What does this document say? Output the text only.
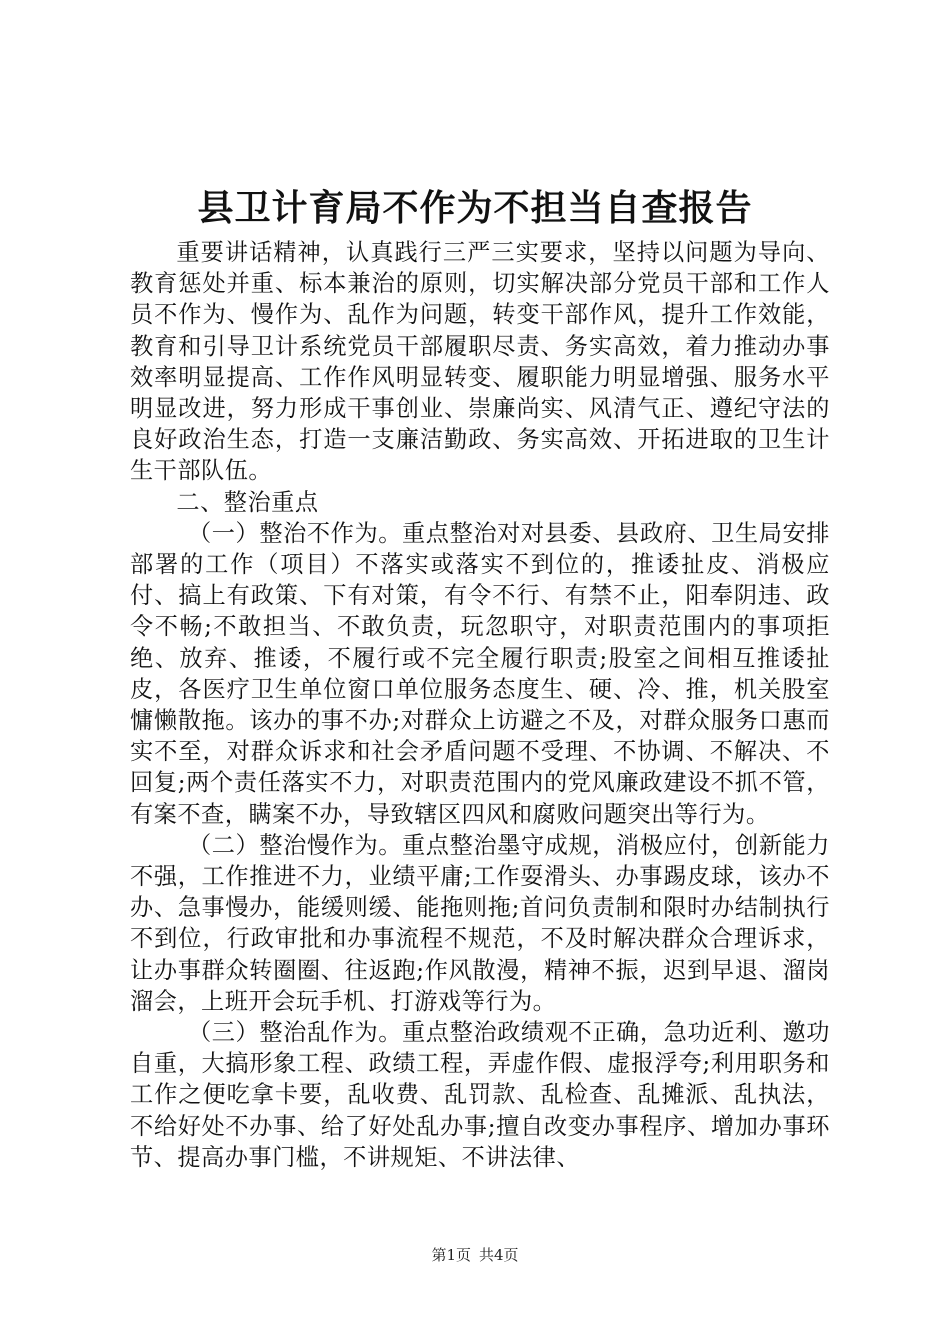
县卫计育局不作为不担当自查报告

重要讲话精神，认真践行三严三实要求，坚持以问题为导向、教育惩处并重、标本兼治的原则，切实解决部分党员干部和工作人员不作为、慢作为、乱作为问题，转变干部作风，提升工作效能，教育和引导卫计系统党员干部履职尽责、务实高效，着力推动办事效率明显提高、工作作风明显转变、履职能力明显增强、服务水平明显改进，努力形成干事创业、崇廉尚实、风清气正、遵纪守法的良好政治生态，打造一支廉洁勤政、务实高效、开拓进取的卫生计生干部队伍。

二、整治重点

（一）整治不作为。重点整治对对县委、县政府、卫生局安排部署的工作（项目）不落实或落实不到位的，推诿扯皮、消极应付、搞上有政策、下有对策，有令不行、有禁不止，阳奉阴违、政令不畅;不敢担当、不敢负责，玩忽职守，对职责范围内的事项拒绝、放弃、推诿，不履行或不完全履行职责;股室之间相互推诿扯皮，各医疗卫生单位窗口单位服务态度生、硬、冷、推，机关股室慵懒散拖。该办的事不办;对群众上访避之不及，对群众服务口惠而实不至，对群众诉求和社会矛盾问题不受理、不协调、不解决、不回复;两个责任落实不力，对职责范围内的党风廉政建设不抓不管，有案不查，瞒案不办，导致辖区四风和腐败问题突出等行为。

（二）整治慢作为。重点整治墨守成规，消极应付，创新能力不强，工作推进不力，业绩平庸;工作耍滑头、办事踢皮球，该办不办、急事慢办，能缓则缓、能拖则拖;首问负责制和限时办结制执行不到位，行政审批和办事流程不规范，不及时解决群众合理诉求，让办事群众转圈圈、往返跑;作风散漫，精神不振，迟到早退、溜岗溜会，上班开会玩手机、打游戏等行为。

（三）整治乱作为。重点整治政绩观不正确，急功近利、邀功自重，大搞形象工程、政绩工程，弄虚作假、虚报浮夸;利用职务和工作之便吃拿卡要，乱收费、乱罚款、乱检查、乱摊派、乱执法，不给好处不办事、给了好处乱办事;擅自改变办事程序、增加办事环节、提高办事门槛，不讲规矩、不讲法律、

第1页 共4页
